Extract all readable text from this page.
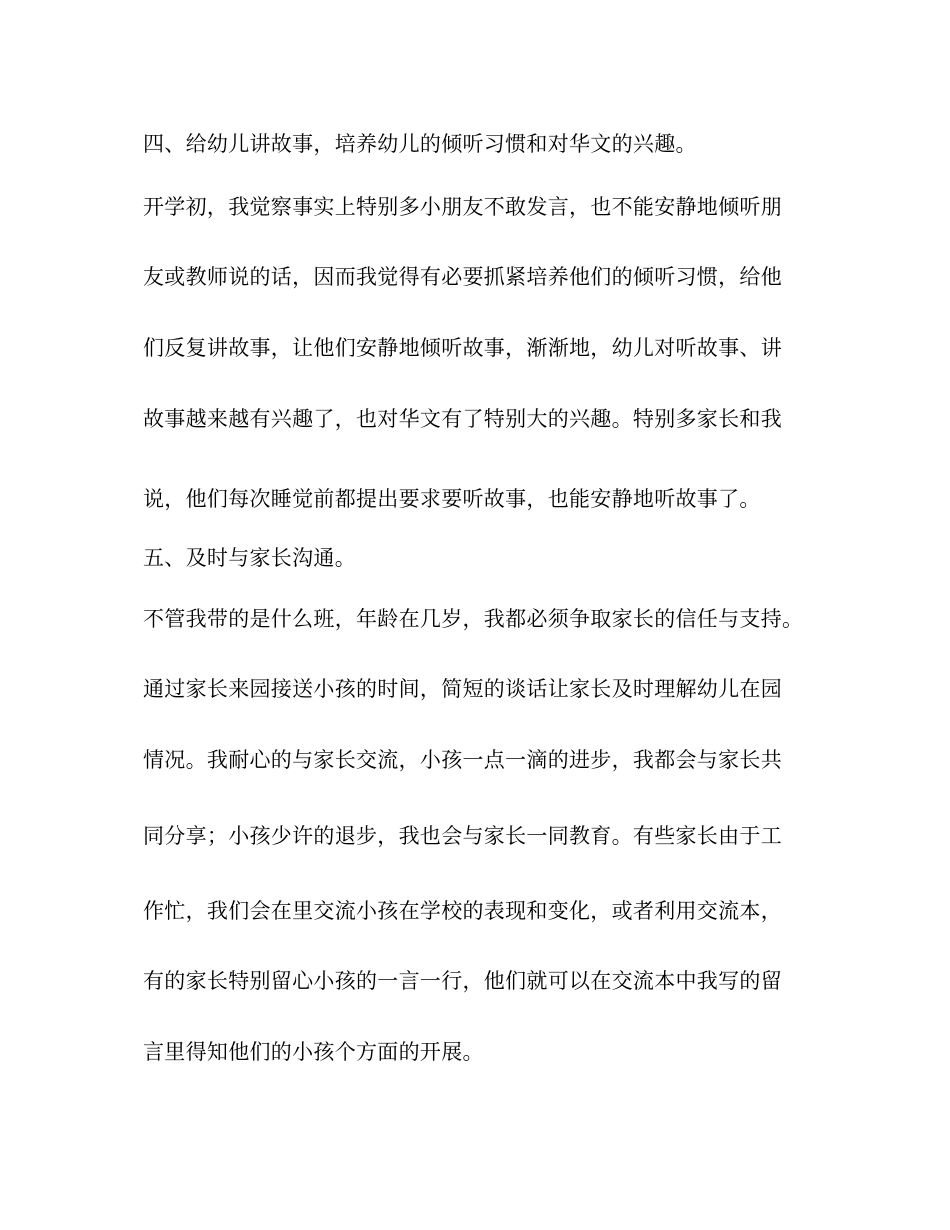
四、给幼儿讲故事，培养幼儿的倾听习惯和对华文的兴趣。
开学初，我觉察事实上特别多小朋友不敢发言，也不能安静地倾听朋
友或教师说的话，因而我觉得有必要抓紧培养他们的倾听习惯，给他
们反复讲故事，让他们安静地倾听故事，渐渐地，幼儿对听故事、讲
故事越来越有兴趣了，也对华文有了特别大的兴趣。特别多家长和我
说，他们每次睡觉前都提出要求要听故事，也能安静地听故事了。
五、及时与家长沟通。
不管我带的是什么班，年龄在几岁，我都必须争取家长的信任与支持。
通过家长来园接送小孩的时间，简短的谈话让家长及时理解幼儿在园
情况。我耐心的与家长交流，小孩一点一滴的进步，我都会与家长共
同分享；小孩少许的退步，我也会与家长一同教育。有些家长由于工
作忙，我们会在里交流小孩在学校的表现和变化，或者利用交流本，
有的家长特别留心小孩的一言一行，他们就可以在交流本中我写的留
言里得知他们的小孩个方面的开展。
